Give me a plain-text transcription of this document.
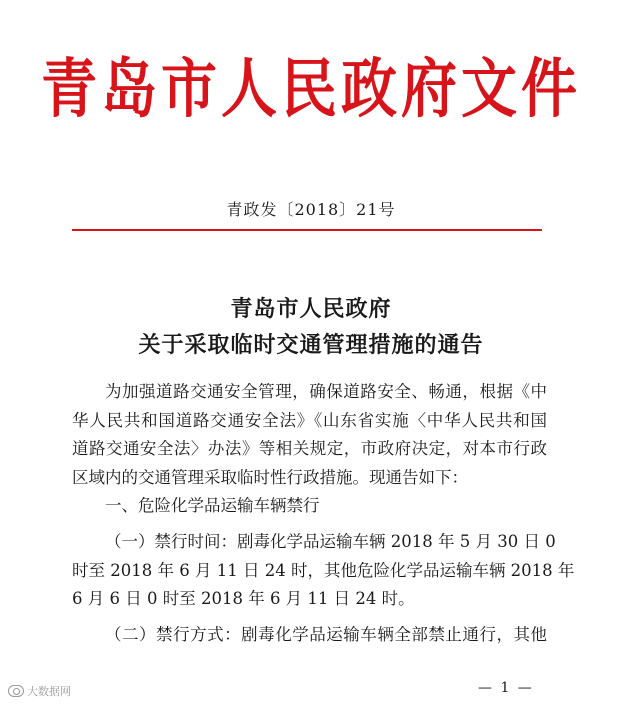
青岛市人民政府文件
青政发〔2018〕21号
青岛市人民政府
关于采取临时交通管理措施的通告
为加强道路交通安全管理，确保道路安全、畅通，根据《中
华人民共和国道路交通安全法》《山东省实施〈中华人民共和国
道路交通安全法〉办法》等相关规定，市政府决定，对本市行政
区域内的交通管理采取临时性行政措施。现通告如下：
一、危险化学品运输车辆禁行
（一）禁行时间：剧毒化学品运输车辆 2018 年 5 月 30 日 0
时至 2018 年 6 月 11 日 24 时，其他危险化学品运输车辆 2018 年
6 月 6 日 0 时至 2018 年 6 月 11 日 24 时。
（二）禁行方式：剧毒化学品运输车辆全部禁止通行，其他
大数据网	— 1 —
